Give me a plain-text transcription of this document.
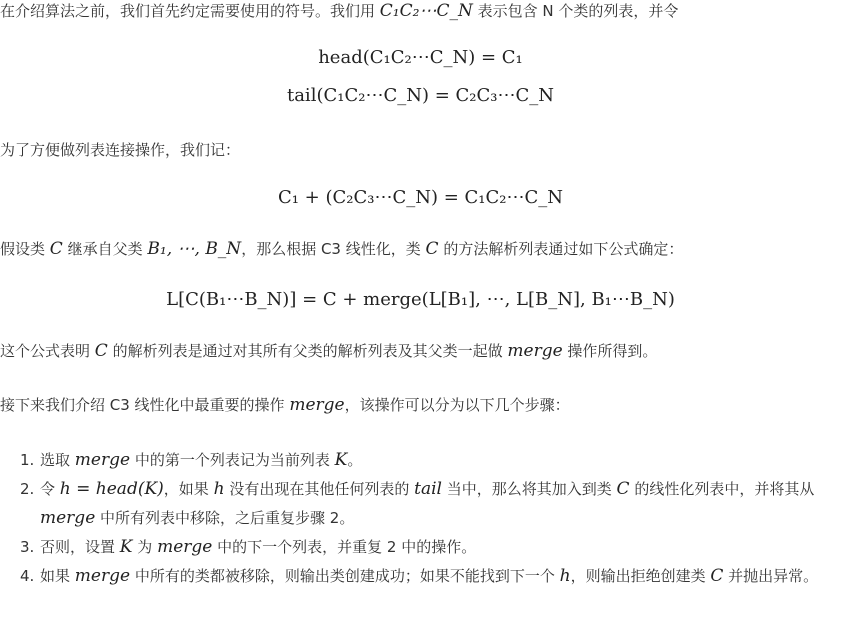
在介绍算法之前，我们首先约定需要使用的符号。我们用 C₁C₂⋯C_N 表示包含 N 个类的列表，并令
head(C₁C₂⋯C_N) = C₁
tail(C₁C₂⋯C_N) = C₂C₃⋯C_N
为了方便做列表连接操作，我们记：
C₁ + (C₂C₃⋯C_N) = C₁C₂⋯C_N
假设类 C 继承自父类 B₁, ⋯, B_N，那么根据 C3 线性化，类 C 的方法解析列表通过如下公式确定：
L[C(B₁⋯B_N)] = C + merge(L[B₁], ⋯, L[B_N], B₁⋯B_N)
这个公式表明 C 的解析列表是通过对其所有父类的解析列表及其父类一起做 merge 操作所得到。
接下来我们介绍 C3 线性化中最重要的操作 merge，该操作可以分为以下几个步骤：
1. 选取 merge 中的第一个列表记为当前列表 K。
2. 令 h = head(K)，如果 h 没有出现在其他任何列表的 tail 当中，那么将其加入到类 C 的线性化列表中，并将其从 merge 中所有列表中移除，之后重复步骤 2。
3. 否则，设置 K 为 merge 中的下一个列表，并重复 2 中的操作。
4. 如果 merge 中所有的类都被移除，则输出类创建成功；如果不能找到下一个 h，则输出拒绝创建类 C 并抛出异常。
